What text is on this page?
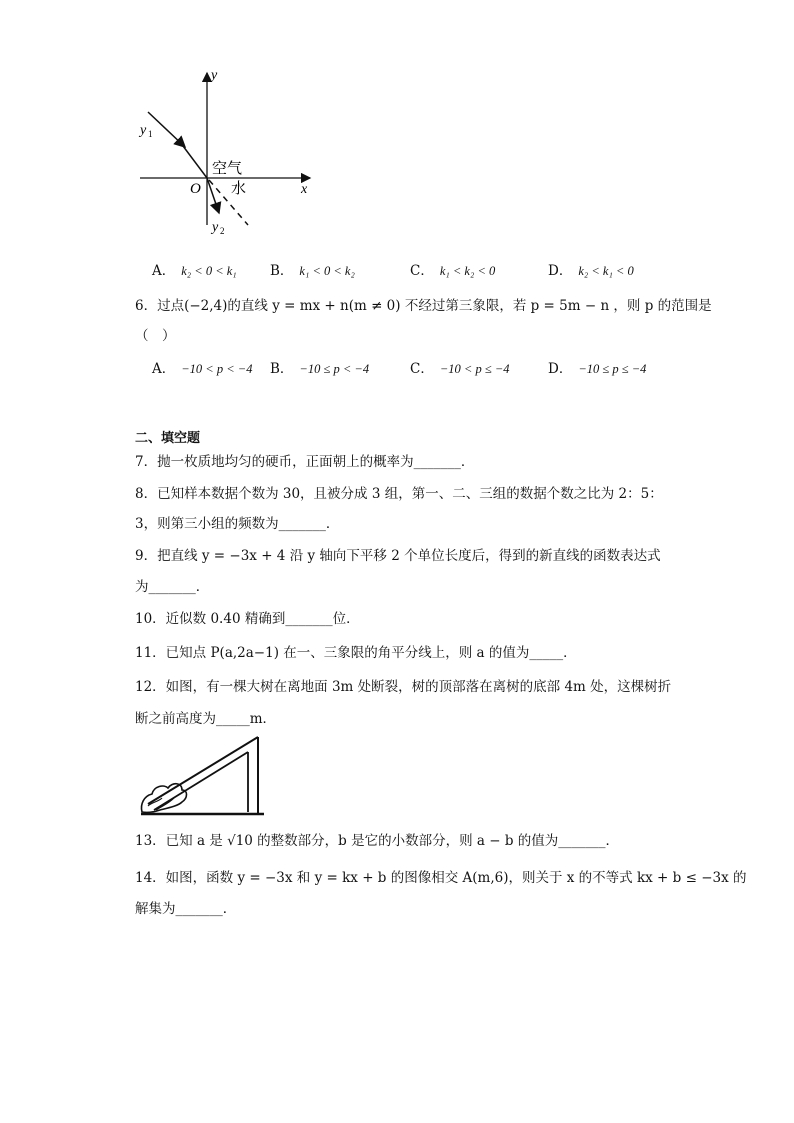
y
y 1
空气
O 水	x
y 2
A． k₂ < 0 < k₁ B． k₁ < 0 < k₂	C． k₁ < k₂ < 0	D． k₂ < k₁ < 0
6．过点(−2,4)的直线 y = mx + n(m ≠ 0) 不经过第三象限，若 p = 5m − n ，则 p 的范围是
（　）
A． −10 < p < −4 B． −10 ≤ p < −4	C． −10 < p ≤ −4	D． −10 ≤ p ≤ −4
二、填空题
7．抛一枚质地均匀的硬币，正面朝上的概率为_______．
8．已知样本数据个数为 30，且被分成 3 组，第一、二、三组的数据个数之比为 2：5：
3，则第三小组的频数为_______．
9．把直线 y = −3x + 4 沿 y 轴向下平移 2 个单位长度后，得到的新直线的函数表达式
为_______．
10．近似数 0.40 精确到_______位．
11．已知点 P(a,2a−1) 在一、三象限的角平分线上，则 a 的值为_____．
12．如图，有一棵大树在离地面 3m 处断裂，树的顶部落在离树的底部 4m 处，这棵树折
断之前高度为_____m．
13．已知 a 是 √10 的整数部分，b 是它的小数部分，则 a − b 的值为_______．
14．如图，函数 y = −3x 和 y = kx + b 的图像相交 A(m,6)，则关于 x 的不等式 kx + b ≤ −3x 的
解集为_______．
